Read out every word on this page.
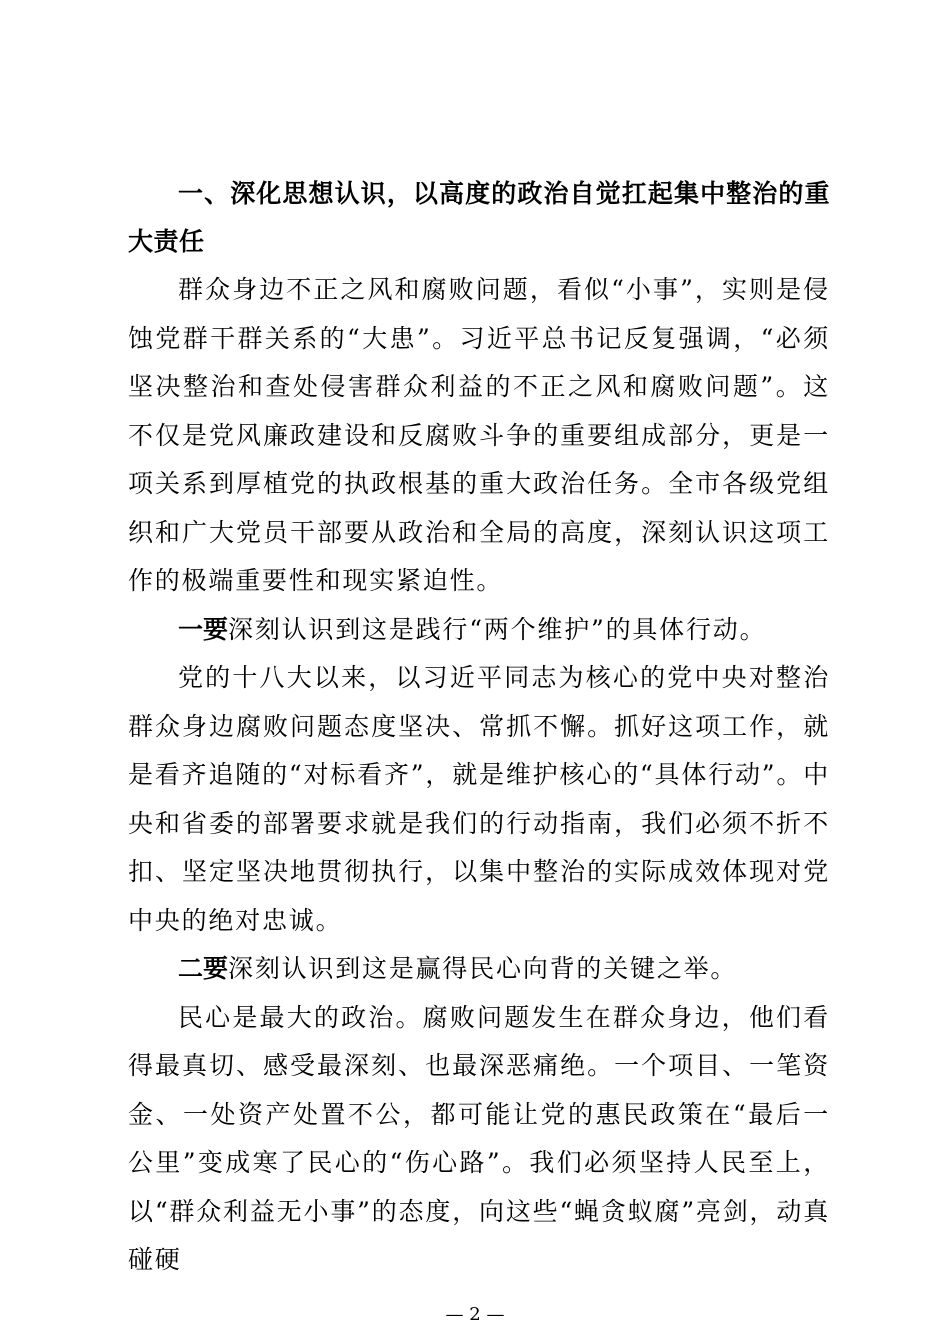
一、深化思想认识，以高度的政治自觉扛起集中整治的重大责任

群众身边不正之风和腐败问题，看似“小事”，实则是侵蚀党群干群关系的“大患”。习近平总书记反复强调，“必须坚决整治和查处侵害群众利益的不正之风和腐败问题”。这不仅是党风廉政建设和反腐败斗争的重要组成部分，更是一项关系到厚植党的执政根基的重大政治任务。全市各级党组织和广大党员干部要从政治和全局的高度，深刻认识这项工作的极端重要性和现实紧迫性。

一要深刻认识到这是践行“两个维护”的具体行动。

党的十八大以来，以习近平同志为核心的党中央对整治群众身边腐败问题态度坚决、常抓不懈。抓好这项工作，就是看齐追随的“对标看齐”，就是维护核心的“具体行动”。中央和省委的部署要求就是我们的行动指南，我们必须不折不扣、坚定坚决地贯彻执行，以集中整治的实际成效体现对党中央的绝对忠诚。

二要深刻认识到这是赢得民心向背的关键之举。

民心是最大的政治。腐败问题发生在群众身边，他们看得最真切、感受最深刻、也最深恶痛绝。一个项目、一笔资金、一处资产处置不公，都可能让党的惠民政策在“最后一公里”变成寒了民心的“伤心路”。我们必须坚持人民至上，以“群众利益无小事”的态度，向这些“蝇贪蚁腐”亮剑，动真碰硬

— 2 —
